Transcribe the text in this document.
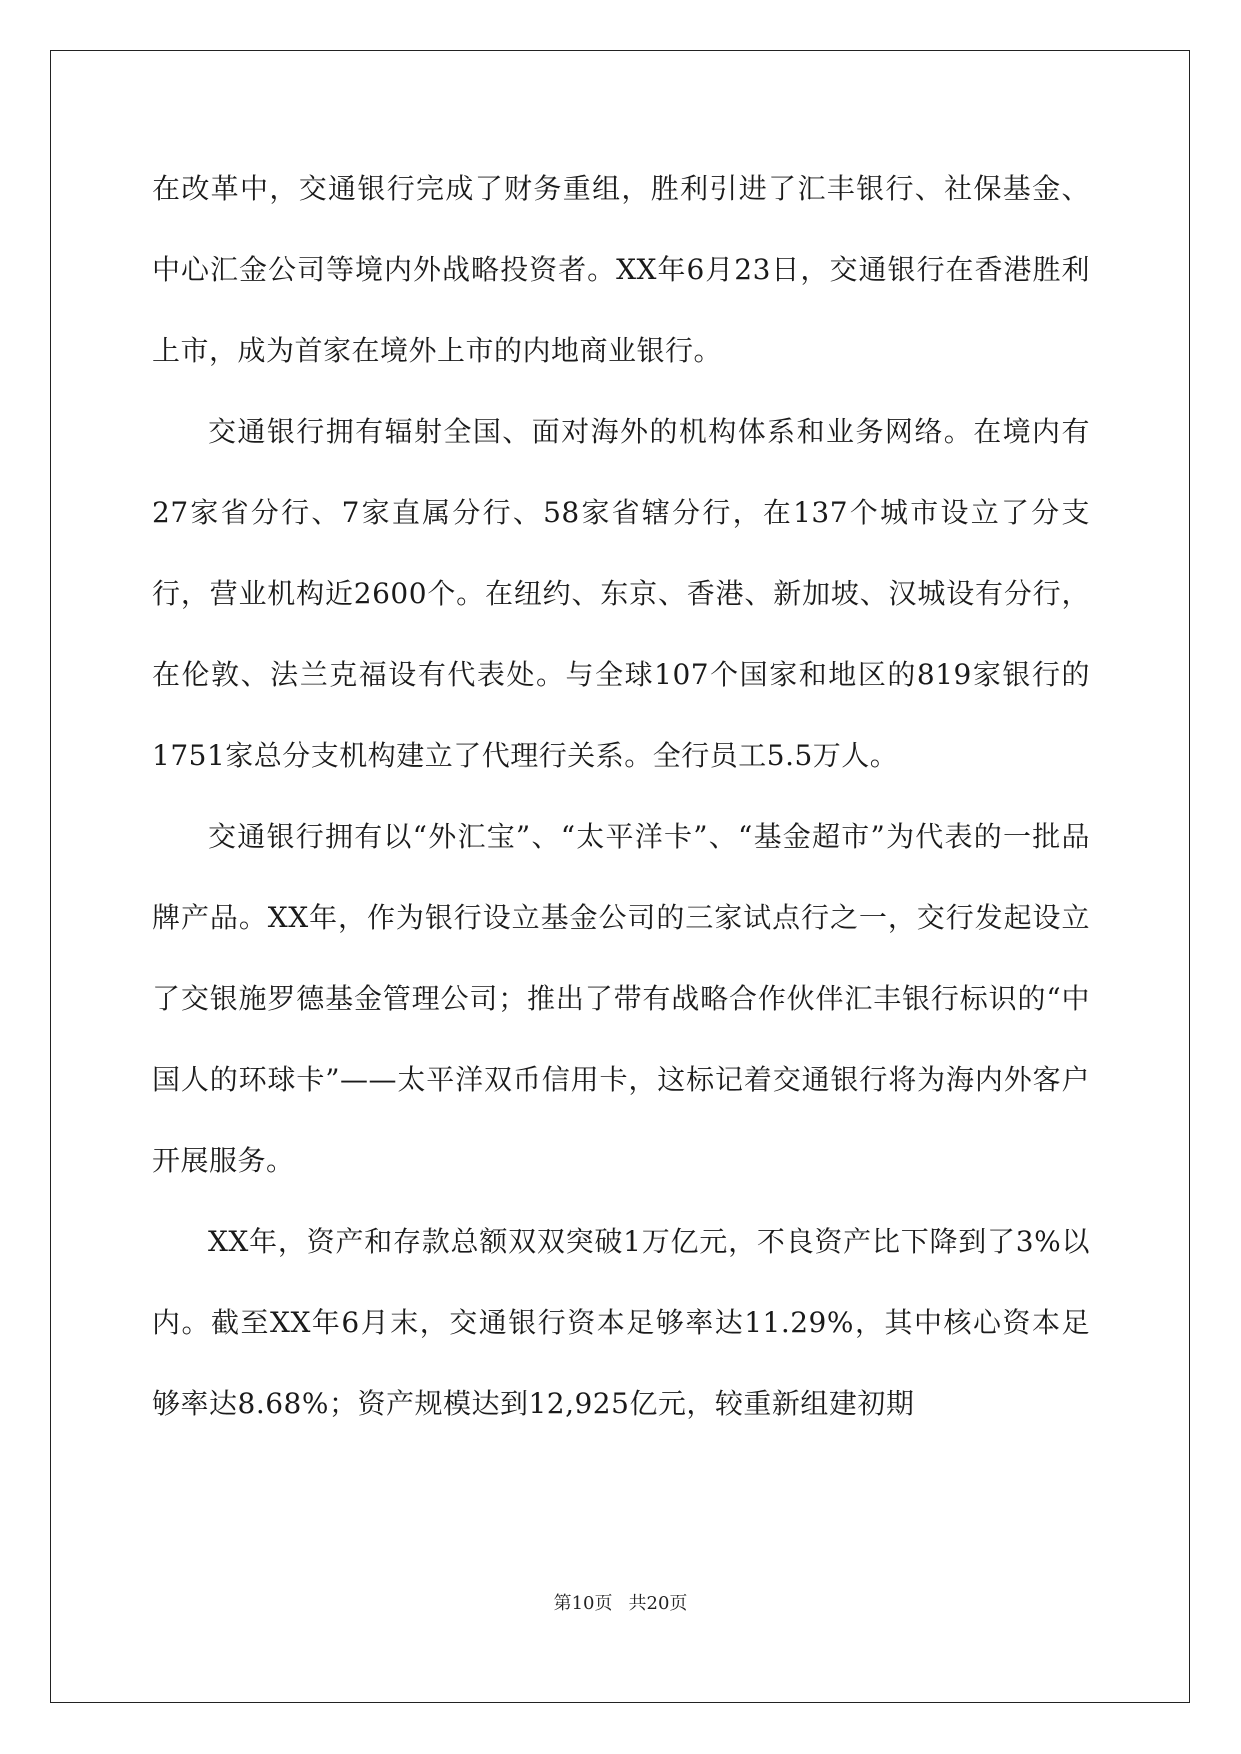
在改革中，交通银行完成了财务重组，胜利引进了汇丰银行、社保基金、中心汇金公司等境内外战略投资者。XX年6月23日，交通银行在香港胜利上市，成为首家在境外上市的内地商业银行。

交通银行拥有辐射全国、面对海外的机构体系和业务网络。在境内有27家省分行、7家直属分行、58家省辖分行，在137个城市设立了分支行，营业机构近2600个。在纽约、东京、香港、新加坡、汉城设有分行，在伦敦、法兰克福设有代表处。与全球107个国家和地区的819家银行的1751家总分支机构建立了代理行关系。全行员工5.5万人。

交通银行拥有以“外汇宝”、“太平洋卡”、“基金超市”为代表的一批品牌产品。XX年，作为银行设立基金公司的三家试点行之一，交行发起设立了交银施罗德基金管理公司；推出了带有战略合作伙伴汇丰银行标识的“中国人的环球卡”——太平洋双币信用卡，这标记着交通银行将为海内外客户开展服务。

XX年，资产和存款总额双双突破1万亿元，不良资产比下降到了3%以内。截至XX年6月末，交通银行资本足够率达11.29%，其中核心资本足够率达8.68%；资产规模达到12,925亿元，较重新组建初期

第10页 共20页
